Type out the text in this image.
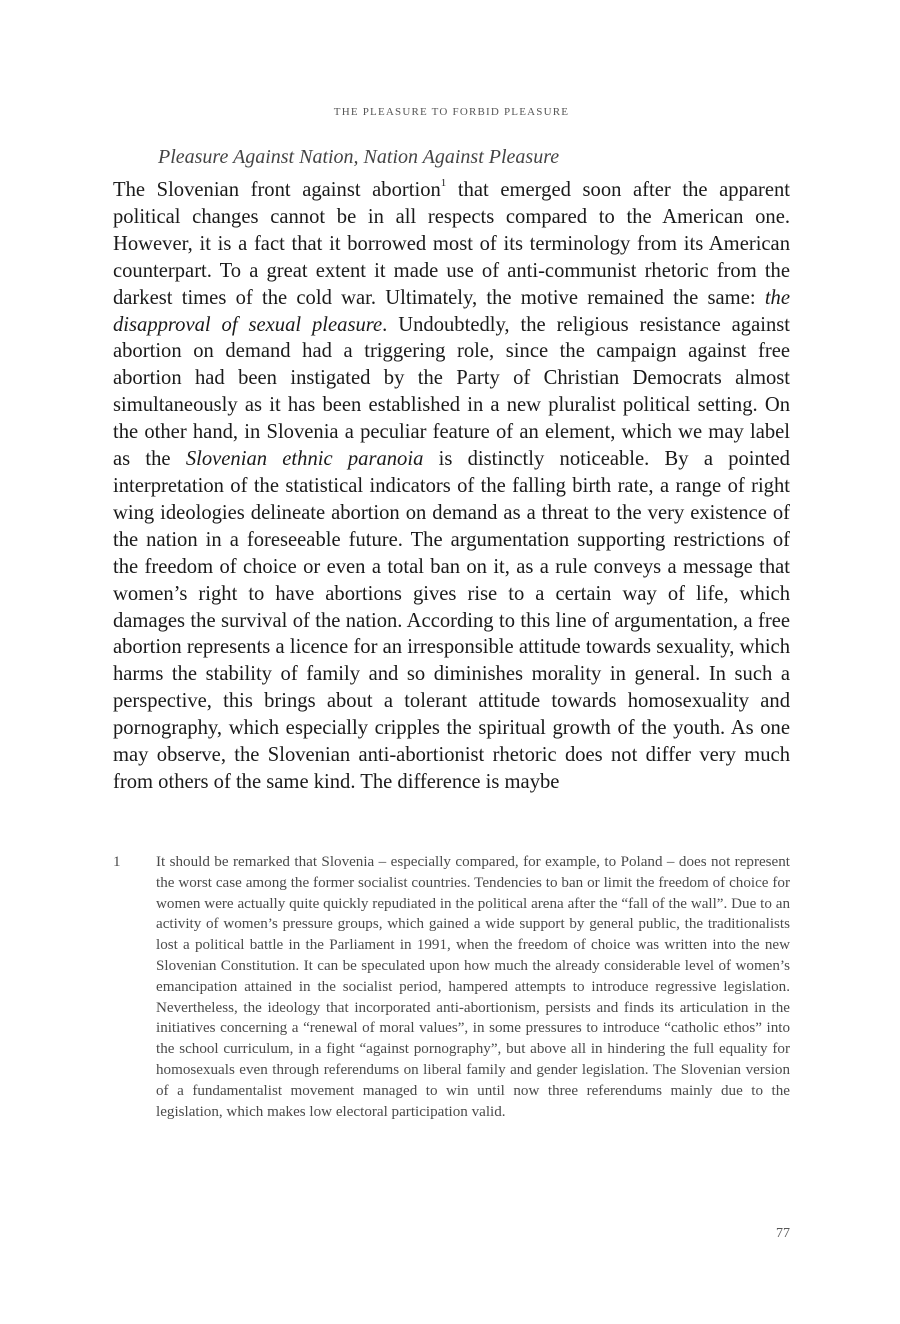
THE PLEASURE TO FORBID PLEASURE
Pleasure Against Nation, Nation Against Pleasure
The Slovenian front against abortion$^1$ that emerged soon after the apparent political changes cannot be in all respects compared to the American one. However, it is a fact that it borrowed most of its terminology from its American counterpart. To a great extent it made use of anti-communist rhetoric from the darkest times of the cold war. Ultimately, the motive remained the same: the disapproval of sexual pleasure. Undoubtedly, the religious resistance against abortion on demand had a triggering role, since the campaign against free abortion had been instigated by the Party of Christian Democrats almost simultaneously as it has been established in a new pluralist political setting. On the other hand, in Slovenia a peculiar feature of an element, which we may label as the Slovenian ethnic paranoia is distinctly noticeable. By a pointed interpretation of the statistical indicators of the falling birth rate, a range of right wing ideologies delineate abortion on demand as a threat to the very existence of the nation in a foreseeable future. The argumentation supporting restrictions of the freedom of choice or even a total ban on it, as a rule conveys a message that women’s right to have abortions gives rise to a certain way of life, which damages the survival of the nation. According to this line of argumentation, a free abortion represents a licence for an irresponsible attitude towards sexuality, which harms the stability of family and so diminishes morality in general. In such a perspective, this brings about a tolerant attitude towards homosexuality and pornography, which especially cripples the spiritual growth of the youth. As one may observe, the Slovenian anti-abortionist rhetoric does not differ very much from others of the same kind. The difference is maybe
1 It should be remarked that Slovenia – especially compared, for example, to Poland – does not represent the worst case among the former socialist countries. Tendencies to ban or limit the freedom of choice for women were actually quite quickly repudiated in the political arena after the “fall of the wall”. Due to an activity of women’s pressure groups, which gained a wide support by general public, the traditionalists lost a political battle in the Parliament in 1991, when the freedom of choice was written into the new Slovenian Constitution. It can be speculated upon how much the already considerable level of women’s emancipation attained in the socialist period, hampered attempts to introduce regressive legislation. Nevertheless, the ideology that incorporated anti-abortionism, persists and finds its articulation in the initiatives concerning a “renewal of moral values”, in some pressures to introduce “catholic ethos” into the school curriculum, in a fight “against pornography”, but above all in hindering the full equality for homosexuals even through referendums on liberal family and gender legislation. The Slovenian version of a fundamentalist movement managed to win until now three referendums mainly due to the legislation, which makes low electoral participation valid.
77
